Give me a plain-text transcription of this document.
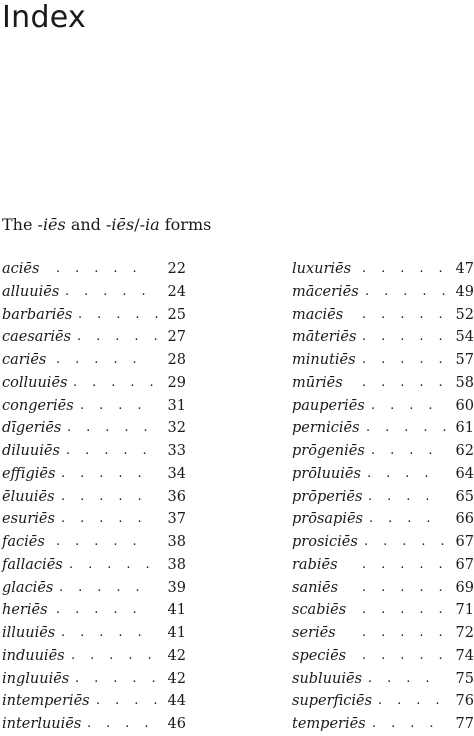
Index
The -iēs and -iēs/-ia forms
aciēs . . . . . 22
alluuiēs . . . . . 24
barbariēs . . . . . 25
caesariēs . . . . . 27
cariēs . . . . . 28
colluuiēs . . . . . 29
congeriēs . . . . 31
dīgeriēs . . . . . 32
diluuiēs . . . . . 33
effigiēs . . . . . 34
ēluuiēs . . . . . 36
esuriēs . . . . . 37
faciēs . . . . . 38
fallaciēs . . . . . 38
glaciēs . . . . . 39
heriēs . . . . . 41
illuuiēs . . . . . 41
induuiēs . . . . . 42
ingluuiēs . . . . . 42
intemperiēs . . . . 44
interluuiēs . . . . 46
luxuriēs . . . . . 47
māceriēs . . . . . 49
maciēs . . . . . 52
māteriēs . . . . . 54
minutiēs . . . . . 57
mūriēs . . . . . 58
pauperiēs . . . . 60
perniciēs . . . . . 61
prōgeniēs . . . . 62
prōluuiēs . . . . 64
prōperiēs . . . . 65
prōsapiēs . . . . 66
prosiciēs . . . . . 67
rabiēs . . . . . 67
saniēs . . . . . 69
scabiēs . . . . . 71
seriēs . . . . . 72
speciēs . . . . . 74
subluuiēs . . . . 75
superficiēs . . . . 76
temperiēs . . . . 77
